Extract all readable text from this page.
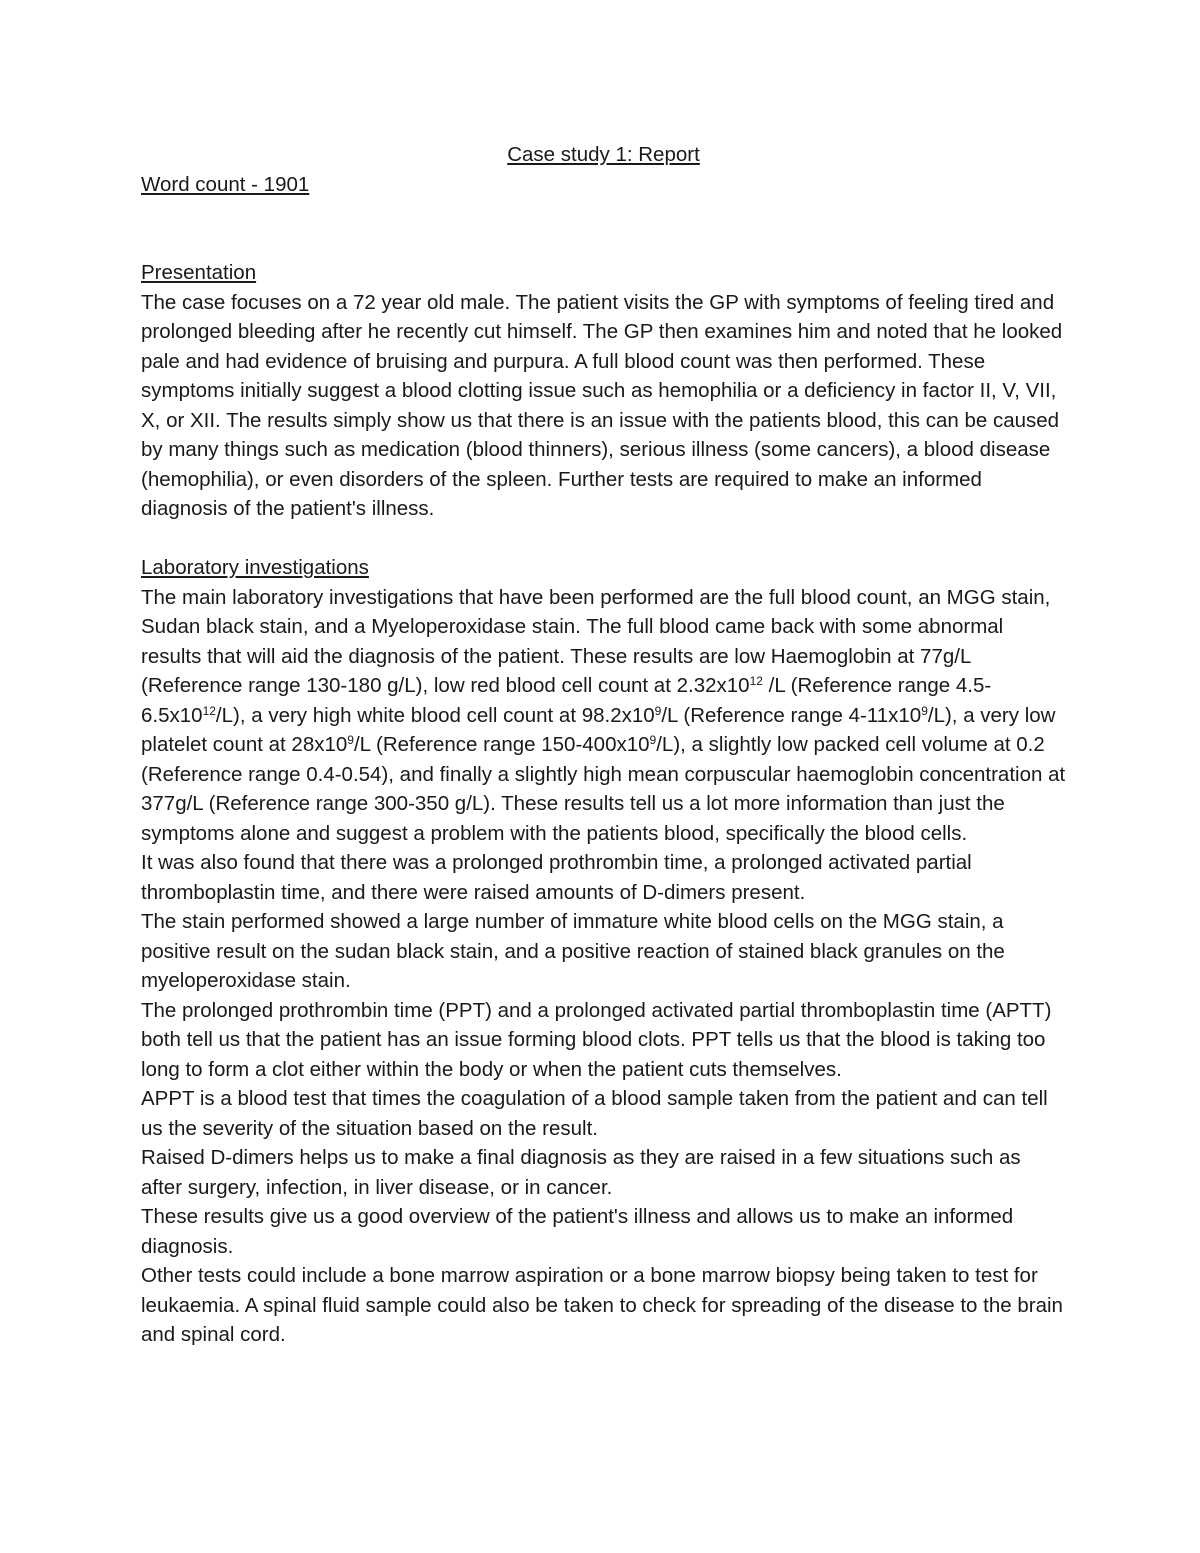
Case study 1: Report

Word count - 1901

Presentation

The case focuses on a 72 year old male. The patient visits the GP with symptoms of feeling tired and prolonged bleeding after he recently cut himself. The GP then examines him and noted that he looked pale and had evidence of bruising and purpura. A full blood count was then performed. These symptoms initially suggest a blood clotting issue such as hemophilia or a deficiency in factor II, V, VII, X, or XII. The results simply show us that there is an issue with the patients blood, this can be caused by many things such as medication (blood thinners), serious illness (some cancers), a blood disease (hemophilia), or even disorders of the spleen. Further tests are required to make an informed diagnosis of the patient's illness.

Laboratory investigations

The main laboratory investigations that have been performed are the full blood count, an MGG stain, Sudan black stain, and a Myeloperoxidase stain. The full blood came back with some abnormal results that will aid the diagnosis of the patient. These results are low Haemoglobin at 77g/L (Reference range 130-180 g/L), low red blood cell count at $2.32x10^{12}$ /L (Reference range $4.5-6.5x10^{12}/L$), a very high white blood cell count at $98.2x10^9/L$ (Reference range $4-11x10^9/L$), a very low platelet count at $28x10^9/L$ (Reference range $150-400x10^9/L$), a slightly low packed cell volume at 0.2 (Reference range 0.4-0.54), and finally a slightly high mean corpuscular haemoglobin concentration at 377g/L (Reference range 300-350 g/L). These results tell us a lot more information than just the symptoms alone and suggest a problem with the patients blood, specifically the blood cells.

It was also found that there was a prolonged prothrombin time, a prolonged activated partial thromboplastin time, and there were raised amounts of D-dimers present.

The stain performed showed a large number of immature white blood cells on the MGG stain, a positive result on the sudan black stain, and a positive reaction of stained black granules on the myeloperoxidase stain.

The prolonged prothrombin time (PPT) and a prolonged activated partial thromboplastin time (APTT) both tell us that the patient has an issue forming blood clots. PPT tells us that the blood is taking too long to form a clot either within the body or when the patient cuts themselves.

APPT is a blood test that times the coagulation of a blood sample taken from the patient and can tell us the severity of the situation based on the result.

Raised D-dimers helps us to make a final diagnosis as they are raised in a few situations such as after surgery, infection, in liver disease, or in cancer.

These results give us a good overview of the patient's illness and allows us to make an informed diagnosis.

Other tests could include a bone marrow aspiration or a bone marrow biopsy being taken to test for leukaemia. A spinal fluid sample could also be taken to check for spreading of the disease to the brain and spinal cord.
